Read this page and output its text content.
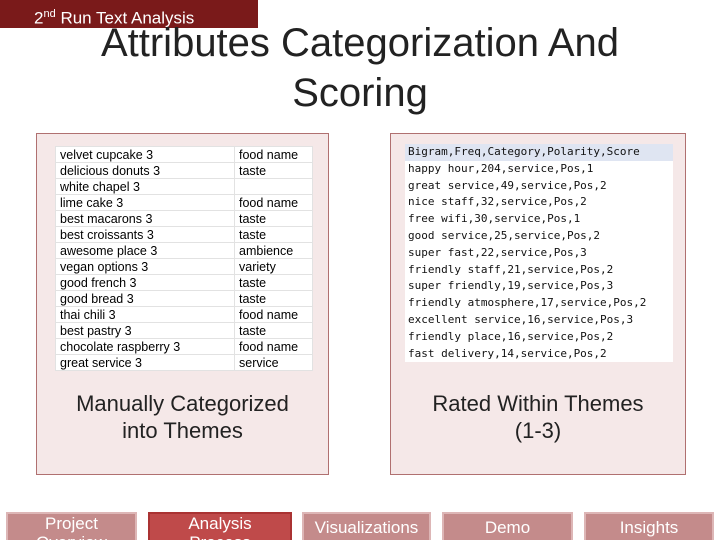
2nd Run Text Analysis
Attributes Categorization And
Scoring
velvet cupcake 3	food name
delicious donuts 3	taste
white chapel 3	
lime cake 3	food name
best macarons 3	taste
best croissants 3	taste
awesome place 3	ambience
vegan options 3	variety
good french 3	taste
good bread 3	taste
thai chili 3	food name
best pastry 3	taste
chocolate raspberry 3	food name
great service 3	service
Manually Categorized
into Themes
Bigram,Freq,Category,Polarity,Score
happy hour,204,service,Pos,1
great service,49,service,Pos,2
nice staff,32,service,Pos,2
free wifi,30,service,Pos,1
good service,25,service,Pos,2
super fast,22,service,Pos,3
friendly staff,21,service,Pos,2
super friendly,19,service,Pos,3
friendly atmosphere,17,service,Pos,2
excellent service,16,service,Pos,3
friendly place,16,service,Pos,2
fast delivery,14,service,Pos,2
Rated Within Themes
(1-3)
Project
Overview
Analysis
Process
Visualizations	Demo	Insights
